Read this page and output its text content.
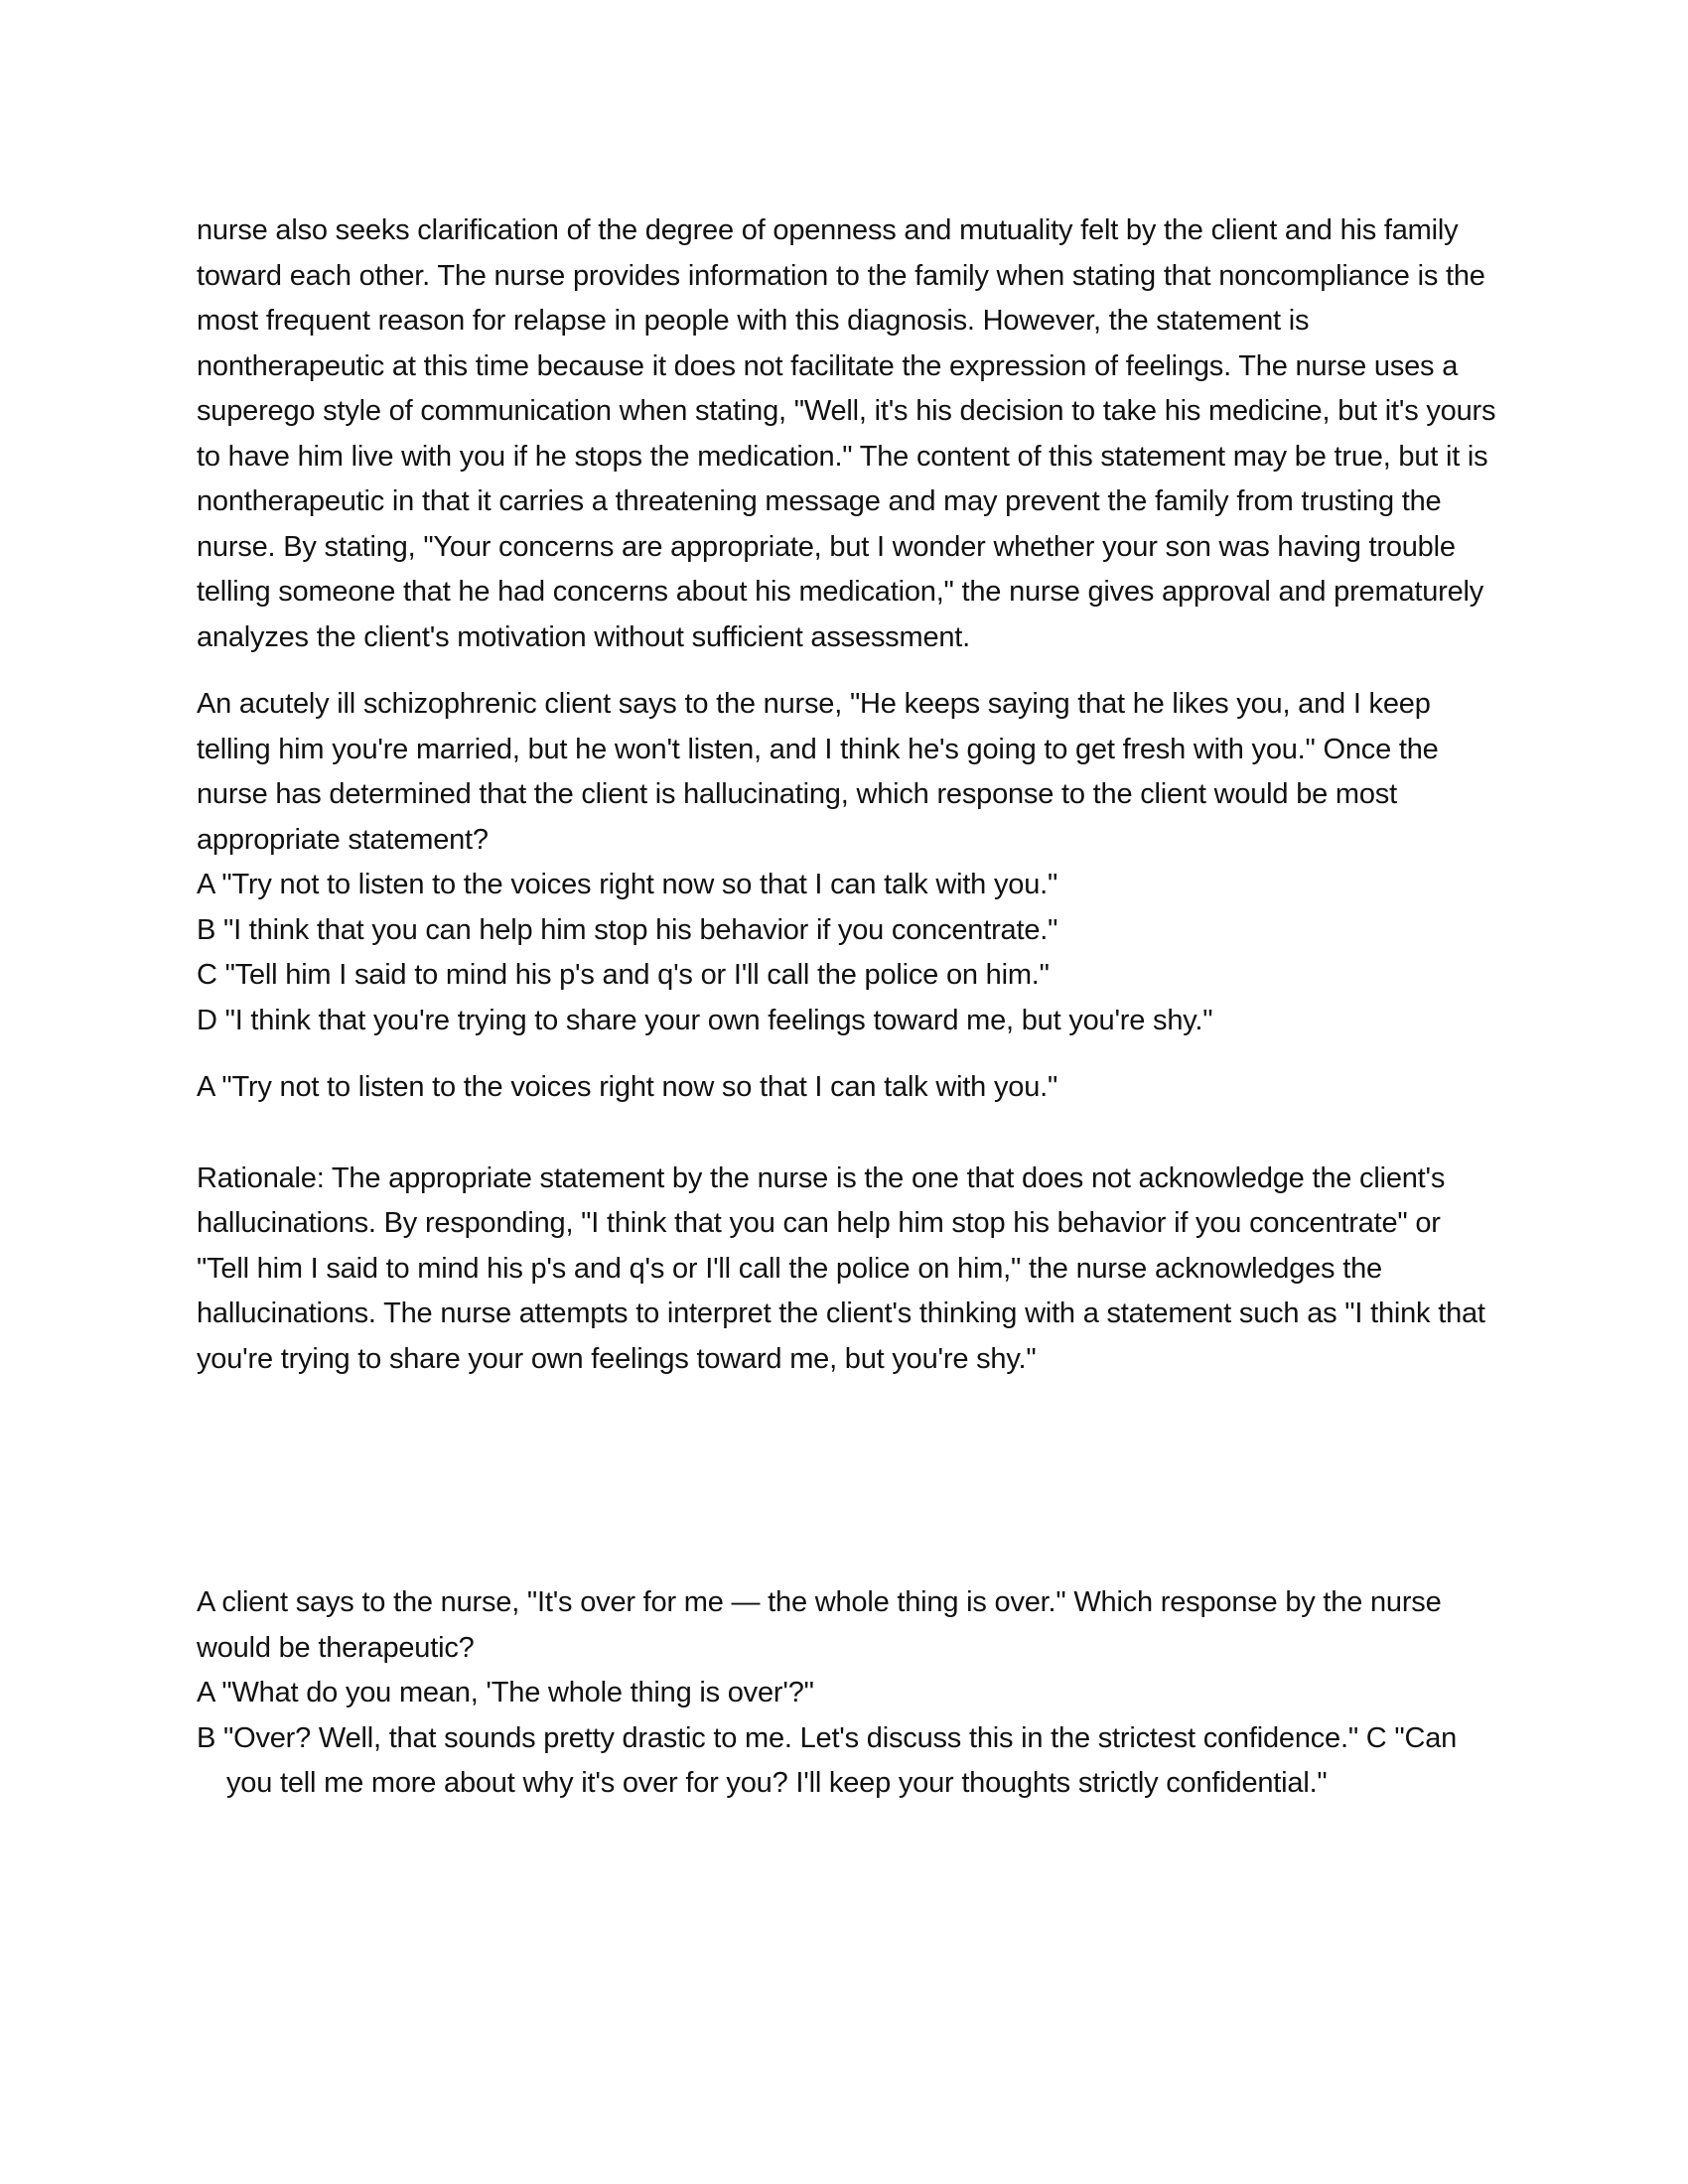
nurse also seeks clarification of the degree of openness and mutuality felt by the client and his family toward each other. The nurse provides information to the family when stating that noncompliance is the most frequent reason for relapse in people with this diagnosis. However, the statement is nontherapeutic at this time because it does not facilitate the expression of feelings. The nurse uses a superego style of communication when stating, "Well, it's his decision to take his medicine, but it's yours to have him live with you if he stops the medication." The content of this statement may be true, but it is nontherapeutic in that it carries a threatening message and may prevent the family from trusting the nurse. By stating, "Your concerns are appropriate, but I wonder whether your son was having trouble telling someone that he had concerns about his medication," the nurse gives approval and prematurely analyzes the client's motivation without sufficient assessment.

An acutely ill schizophrenic client says to the nurse, "He keeps saying that he likes you, and I keep telling him you're married, but he won't listen, and I think he's going to get fresh with you." Once the nurse has determined that the client is hallucinating, which response to the client would be most appropriate statement?

A "Try not to listen to the voices right now so that I can talk with you."

B "I think that you can help him stop his behavior if you concentrate."

C "Tell him I said to mind his p's and q's or I'll call the police on him."

D "I think that you're trying to share your own feelings toward me, but you're shy."

A "Try not to listen to the voices right now so that I can talk with you."

Rationale: The appropriate statement by the nurse is the one that does not acknowledge the client's hallucinations. By responding, "I think that you can help him stop his behavior if you concentrate" or "Tell him I said to mind his p's and q's or I'll call the police on him," the nurse acknowledges the hallucinations. The nurse attempts to interpret the client's thinking with a statement such as "I think that you're trying to share your own feelings toward me, but you're shy."

A client says to the nurse, "It's over for me — the whole thing is over." Which response by the nurse would be therapeutic?

A "What do you mean, 'The whole thing is over'?"

B "Over? Well, that sounds pretty drastic to me. Let's discuss this in the strictest confidence." C "Can you tell me more about why it's over for you? I'll keep your thoughts strictly confidential."
